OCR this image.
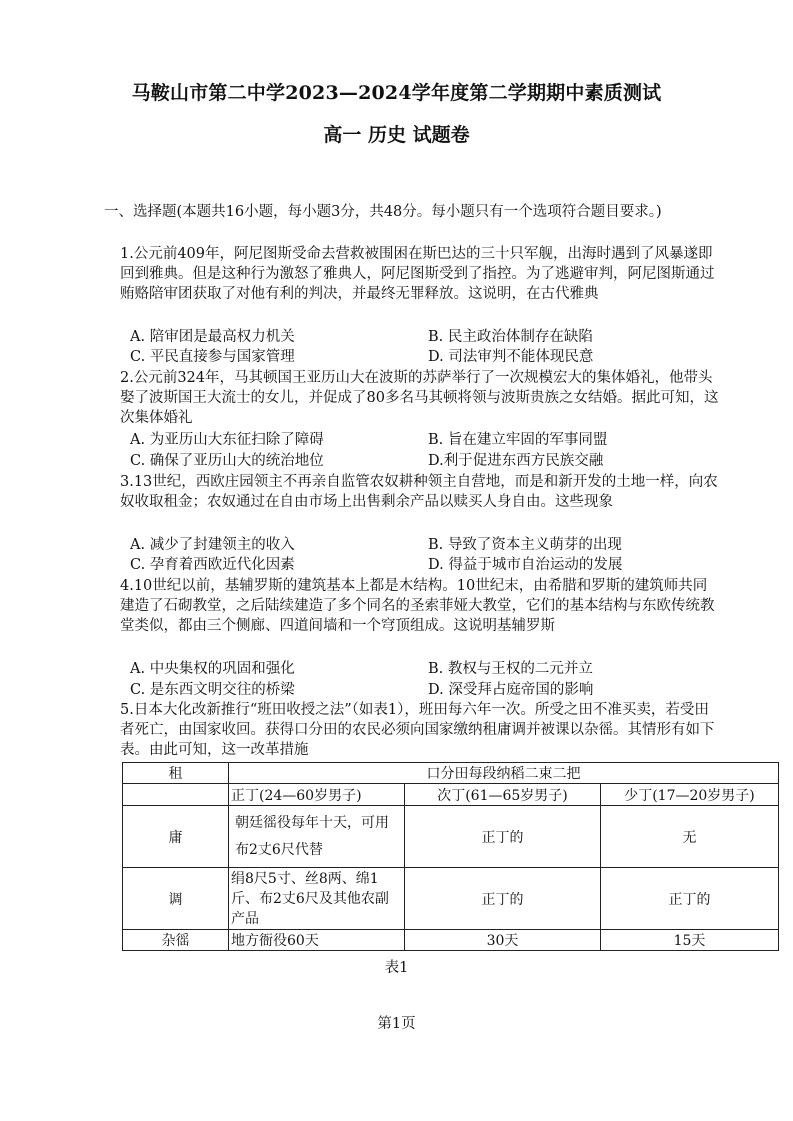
马鞍山市第二中学2023—2024学年度第二学期期中素质测试
高一 历史 试题卷
一、选择题(本题共16小题，每小题3分，共48分。每小题只有一个选项符合题目要求。)
1.公元前409年，阿尼图斯受命去营救被围困在斯巴达的三十只军舰，出海时遇到了风暴遂即回到雅典。但是这种行为激怒了雅典人，阿尼图斯受到了指控。为了逃避审判，阿尼图斯通过贿赂陪审团获取了对他有利的判决，并最终无罪释放。这说明，在古代雅典
A. 陪审团是最高权力机关	B. 民主政治体制存在缺陷
C. 平民直接参与国家管理	D. 司法审判不能体现民意
2.公元前324年，马其顿国王亚历山大在波斯的苏萨举行了一次规模宏大的集体婚礼，他带头娶了波斯国王大流士的女儿，并促成了80多名马其顿将领与波斯贵族之女结婚。据此可知，这次集体婚礼
A. 为亚历山大东征扫除了障碍	B. 旨在建立牢固的军事同盟
C. 确保了亚历山大的统治地位	D.利于促进东西方民族交融
3.13世纪，西欧庄园领主不再亲自监管农奴耕种领主自营地，而是和新开发的土地一样，向农奴收取租金；农奴通过在自由市场上出售剩余产品以赎买人身自由。这些现象
A. 减少了封建领主的收入	B. 导致了资本主义萌芽的出现
C. 孕育着西欧近代化因素	D. 得益于城市自治运动的发展
4.10世纪以前，基辅罗斯的建筑基本上都是木结构。10世纪末，由希腊和罗斯的建筑师共同建造了石砌教堂，之后陆续建造了多个同名的圣索菲娅大教堂，它们的基本结构与东欧传统教堂类似，都由三个侧廊、四道间墙和一个穹顶组成。这说明基辅罗斯
A. 中央集权的巩固和强化	B. 教权与王权的二元并立
C. 是东西文明交往的桥梁	D. 深受拜占庭帝国的影响
5.日本大化改新推行“班田收授之法”（如表1），班田每六年一次。所受之田不准买卖，若受田者死亡，由国家收回。获得口分田的农民必须向国家缴纳租庸调并被课以杂徭。其情形有如下表。由此可知，这一改革措施
租	口分田每段纳稻二束二把		
	正丁(24—60岁男子)	次丁(61—65岁男子)	少丁(17—20岁男子)
庸	朝廷徭役每年十天，可用布2丈6尺代替	正丁的	无
调	绢8尺5寸、丝8两、绵1斤、布2丈6尺及其他农副产品	正丁的	正丁的
杂徭	地方衙役60天	30天	15天
表1
第1页
